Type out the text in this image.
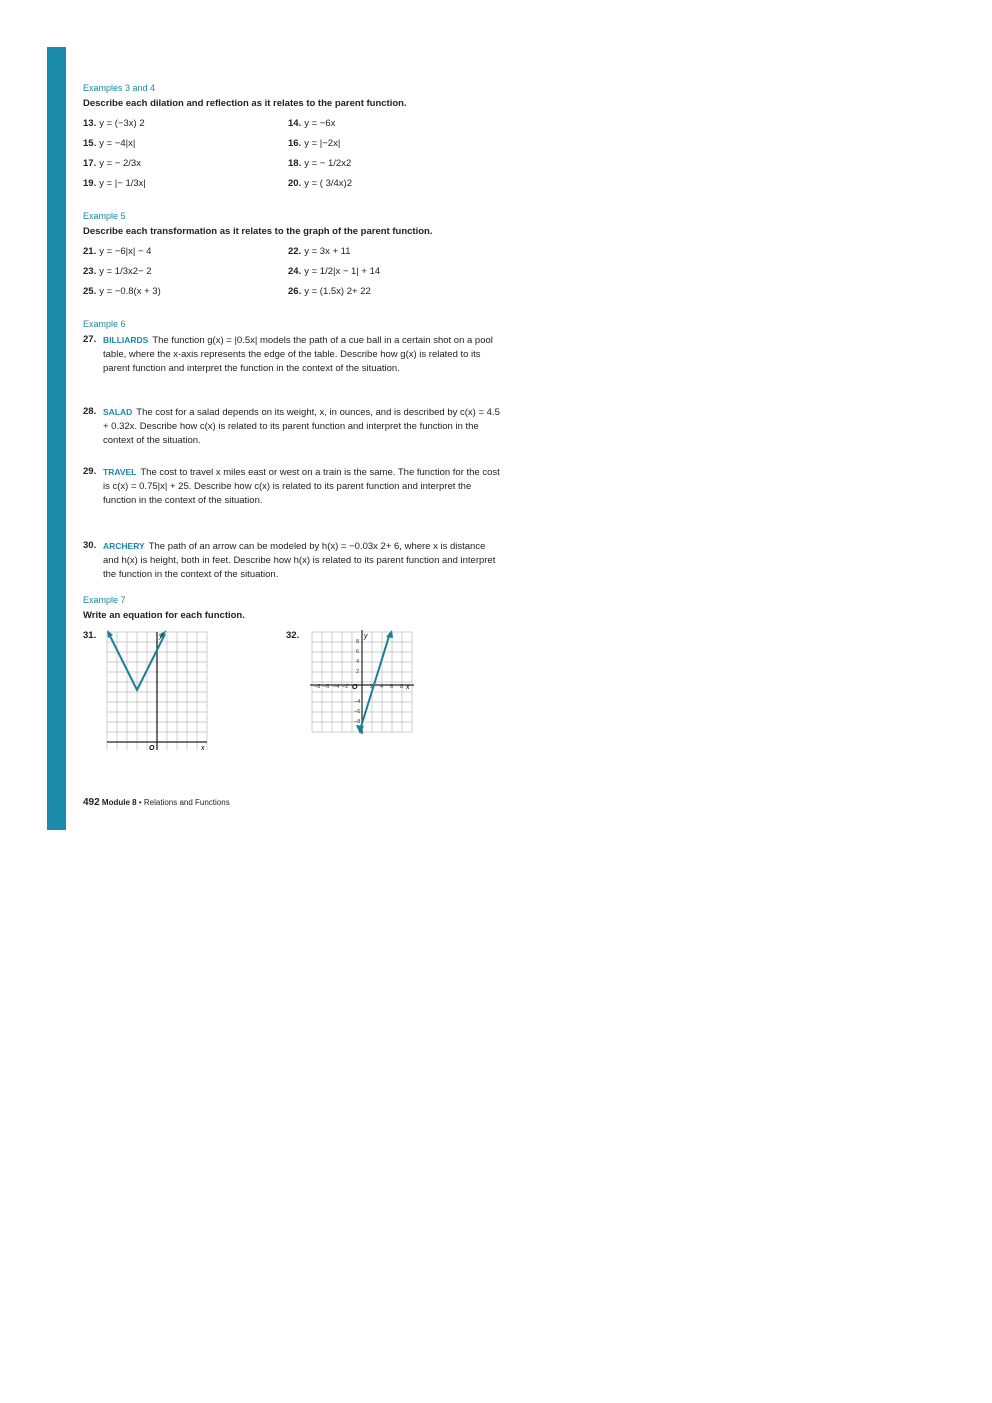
Examples 3 and 4
Describe each dilation and reflection as it relates to the parent function.
13. y = (−3x) 2	14. y = −6x
15. y = −4|x|	16. y = |−2x|
17. y = − 2/3x	18. y = − 1/2x2
19. y = |− 1/3x|	20. y = ( 3/4x)2
Example 5
Describe each transformation as it relates to the graph of the parent function.
21. y = −6|x| − 4	22. y = 3x + 11
23. y = 1/3x2− 2	24. y = 1/2|x − 1| + 14
25. y = −0.8(x + 3)	26. y = (1.5x) 2+ 22
Example 6
27. BILLIARDS The function g(x) = |0.5x| models the path of a cue ball in a certain shot on a pool table, where the x-axis represents the edge of the table. Describe how g(x) is related to its parent function and interpret the function in the context of the situation.
28. SALAD The cost for a salad depends on its weight, x, in ounces, and is described by c(x) = 4.5 + 0.32x. Describe how c(x) is related to its parent function and interpret the function in the context of the situation.
29. TRAVEL The cost to travel x miles east or west on a train is the same. The function for the cost is c(x) = 0.75|x| + 25. Describe how c(x) is related to its parent function and interpret the function in the context of the situation.
30. ARCHERY The path of an arrow can be modeled by h(x) = −0.03x 2+ 6, where x is distance and h(x) is height, both in feet. Describe how h(x) is related to its parent function and interpret the function in the context of the situation.
Example 7
Write an equation for each function.
31.	32.
O	x
y
−8 −6 −4 −2	2 4 6 8
8
6
4
2
−4
−6
−8
O	x
y
492 Module 8 • Relations and Functions
